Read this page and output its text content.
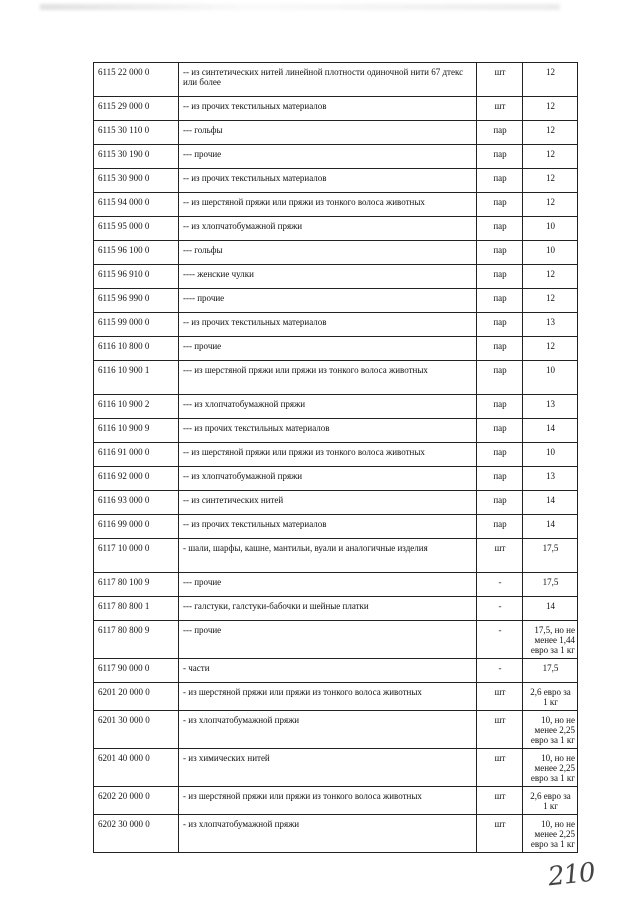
6115 22 000 0	-- из синтетических нитей линейной плотности одиночной нити 67 дтекс или более	шт	12
6115 29 000 0	-- из прочих текстильных материалов	шт	12
6115 30 110 0	--- гольфы	пар	12
6115 30 190 0	--- прочие	пар	12
6115 30 900 0	-- из прочих текстильных материалов	пар	12
6115 94 000 0	-- из шерстяной пряжи или пряжи из тонкого волоса животных	пар	12
6115 95 000 0	-- из хлопчатобумажной пряжи	пар	10
6115 96 100 0	--- гольфы	пар	10
6115 96 910 0	---- женские чулки	пар	12
6115 96 990 0	---- прочие	пар	12
6115 99 000 0	-- из прочих текстильных материалов	пар	13
6116 10 800 0	--- прочие	пар	12
6116 10 900 1	--- из шерстяной пряжи или пряжи из тонкого волоса животных	пар	10
6116 10 900 2	--- из хлопчатобумажной пряжи	пар	13
6116 10 900 9	--- из прочих текстильных материалов	пар	14
6116 91 000 0	-- из шерстяной пряжи или пряжи из тонкого волоса животных	пар	10
6116 92 000 0	-- из хлопчатобумажной пряжи	пар	13
6116 93 000 0	-- из синтетических нитей	пар	14
6116 99 000 0	-- из прочих текстильных материалов	пар	14
6117 10 000 0	- шали, шарфы, кашне, мантильи, вуали и аналогичные изделия	шт	17,5
6117 80 100 9	--- прочие	-	17,5
6117 80 800 1	--- галстуки, галстуки-бабочки и шейные платки	-	14
6117 80 800 9	--- прочие	-	17,5, но не менее 1,44 евро за 1 кг
6117 90 000 0	- части	-	17,5
6201 20 000 0	- из шерстяной пряжи или пряжи из тонкого волоса животных	шт	2,6 евро за 1 кг
6201 30 000 0	- из хлопчатобумажной пряжи	шт	10, но не менее 2,25 евро за 1 кг
6201 40 000 0	- из химических нитей	шт	10, но не менее 2,25 евро за 1 кг
6202 20 000 0	- из шерстяной пряжи или пряжи из тонкого волоса животных	шт	2,6 евро за 1 кг
6202 30 000 0	- из хлопчатобумажной пряжи	шт	10, но не менее 2,25 евро за 1 кг
210
